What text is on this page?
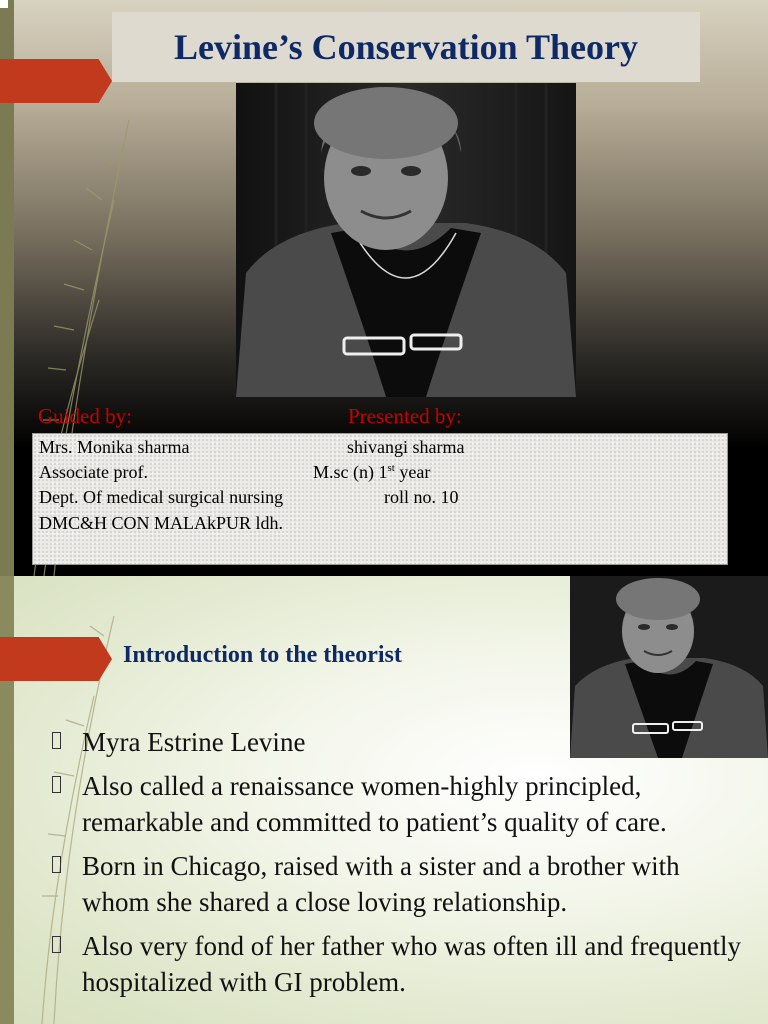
Levine’s Conservation Theory
Guided by:	Presented by:
Mrs. Monika sharma
Associate prof.
Dept. Of medical surgical nursing
DMC&H CON MALAkPUR ldh.
shivangi sharma
M.sc (n) 1st year
roll no. 10
Introduction to the theorist
Myra Estrine Levine
Also called a renaissance women-highly principled, remarkable and committed to patient’s quality of care.
Born in Chicago, raised with a sister and a brother with whom she shared a close loving relationship.
Also very fond of her father who was often ill and frequently hospitalized with GI problem.
